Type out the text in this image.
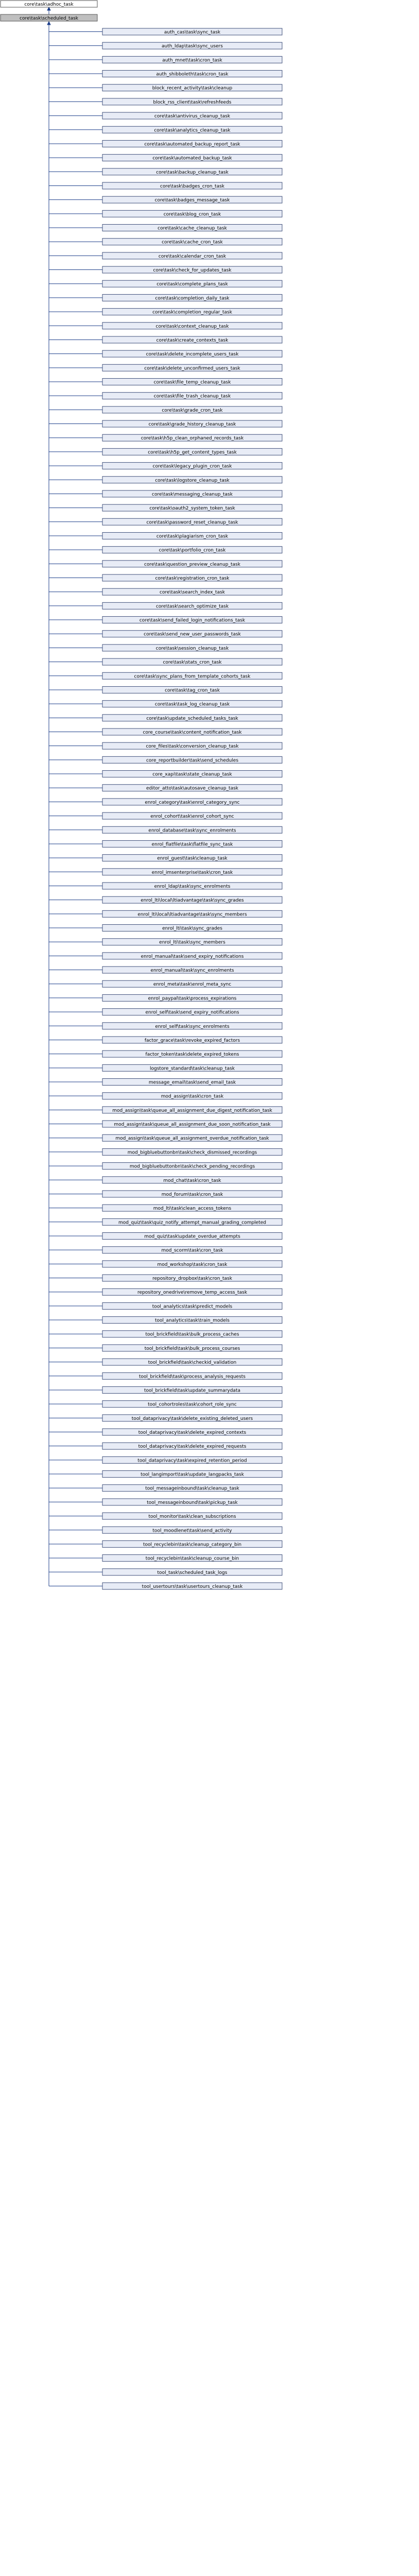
core\task\adhoc_task
core\task\scheduled_task
auth_cas\task\sync_task
auth_ldap\task\sync_users
auth_mnet\task\cron_task
auth_shibboleth\task\cron_task
block_recent_activity\task\cleanup
block_rss_client\task\refreshfeeds
core\task\antivirus_cleanup_task
core\task\analytics_cleanup_task
core\task\automated_backup_report_task
core\task\automated_backup_task
core\task\backup_cleanup_task
core\task\badges_cron_task
core\task\badges_message_task
core\task\blog_cron_task
core\task\cache_cleanup_task
core\task\cache_cron_task
core\task\calendar_cron_task
core\task\check_for_updates_task
core\task\complete_plans_task
core\task\completion_daily_task
core\task\completion_regular_task
core\task\context_cleanup_task
core\task\create_contexts_task
core\task\delete_incomplete_users_task
core\task\delete_unconfirmed_users_task
core\task\file_temp_cleanup_task
core\task\file_trash_cleanup_task
core\task\grade_cron_task
core\task\grade_history_cleanup_task
core\task\h5p_clean_orphaned_records_task
core\task\h5p_get_content_types_task
core\task\legacy_plugin_cron_task
core\task\logstore_cleanup_task
core\task\messaging_cleanup_task
core\task\oauth2_system_token_task
core\task\password_reset_cleanup_task
core\task\plagiarism_cron_task
core\task\portfolio_cron_task
core\task\question_preview_cleanup_task
core\task\registration_cron_task
core\task\search_index_task
core\task\search_optimize_task
core\task\send_failed_login_notifications_task
core\task\send_new_user_passwords_task
core\task\session_cleanup_task
core\task\stats_cron_task
core\task\sync_plans_from_template_cohorts_task
core\task\tag_cron_task
core\task\task_log_cleanup_task
core\task\update_scheduled_tasks_task
core_course\task\content_notification_task
core_files\task\conversion_cleanup_task
core_reportbuilder\task\send_schedules
core_xapi\task\state_cleanup_task
editor_atto\task\autosave_cleanup_task
enrol_category\task\enrol_category_sync
enrol_cohort\task\enrol_cohort_sync
enrol_database\task\sync_enrolments
enrol_flatfile\task\flatfile_sync_task
enrol_guest\task\cleanup_task
enrol_imsenterprise\task\cron_task
enrol_ldap\task\sync_enrolments
enrol_lti\local\ltiadvantage\task\sync_grades
enrol_lti\local\ltiadvantage\task\sync_members
enrol_lti\task\sync_grades
enrol_lti\task\sync_members
enrol_manual\task\send_expiry_notifications
enrol_manual\task\sync_enrolments
enrol_meta\task\enrol_meta_sync
enrol_paypal\task\process_expirations
enrol_self\task\send_expiry_notifications
enrol_self\task\sync_enrolments
factor_grace\task\revoke_expired_factors
factor_token\task\delete_expired_tokens
logstore_standard\task\cleanup_task
message_email\task\send_email_task
mod_assign\task\cron_task
mod_assign\task\queue_all_assignment_due_digest_notification_task
mod_assign\task\queue_all_assignment_due_soon_notification_task
mod_assign\task\queue_all_assignment_overdue_notification_task
mod_bigbluebuttonbn\task\check_dismissed_recordings
mod_bigbluebuttonbn\task\check_pending_recordings
mod_chat\task\cron_task
mod_forum\task\cron_task
mod_lti\task\clean_access_tokens
mod_quiz\task\quiz_notify_attempt_manual_grading_completed
mod_quiz\task\update_overdue_attempts
mod_scorm\task\cron_task
mod_workshop\task\cron_task
repository_dropbox\task\cron_task
repository_onedrive\remove_temp_access_task
tool_analytics\task\predict_models
tool_analytics\task\train_models
tool_brickfield\task\bulk_process_caches
tool_brickfield\task\bulk_process_courses
tool_brickfield\task\checkid_validation
tool_brickfield\task\process_analysis_requests
tool_brickfield\task\update_summarydata
tool_cohortroles\task\cohort_role_sync
tool_dataprivacy\task\delete_existing_deleted_users
tool_dataprivacy\task\delete_expired_contexts
tool_dataprivacy\task\delete_expired_requests
tool_dataprivacy\task\expired_retention_period
tool_langimport\task\update_langpacks_task
tool_messageinbound\task\cleanup_task
tool_messageinbound\task\pickup_task
tool_monitor\task\clean_subscriptions
tool_moodlenet\task\send_activity
tool_recyclebin\task\cleanup_category_bin
tool_recyclebin\task\cleanup_course_bin
tool_task\scheduled_task_logs
tool_usertours\task\usertours_cleanup_task
